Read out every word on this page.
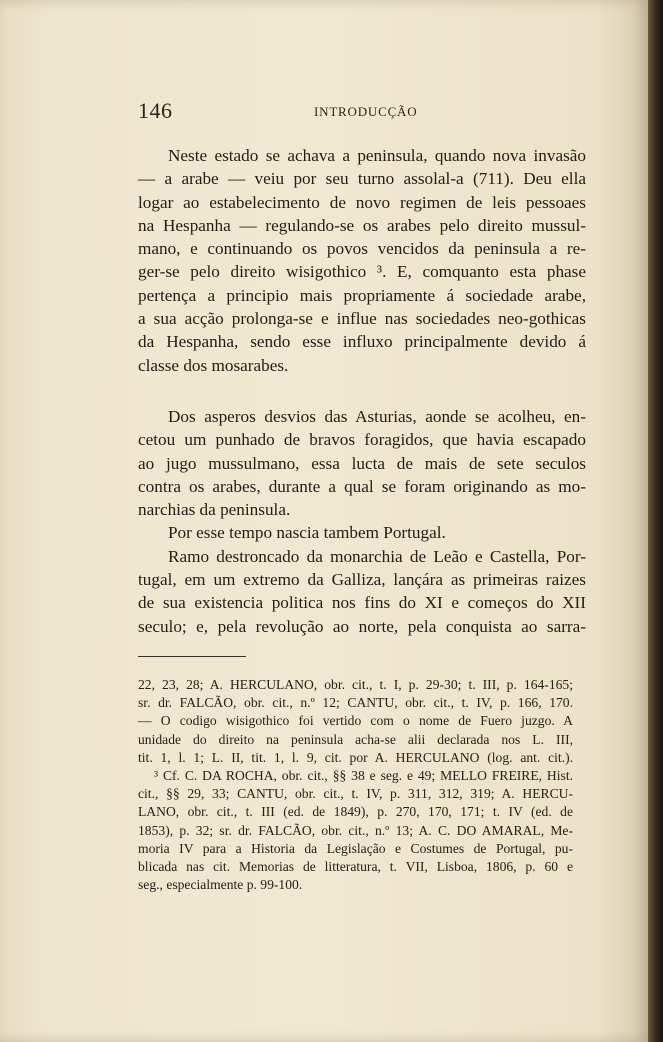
146	INTRODUCÇÃO
Neste estado se achava a peninsula, quando nova invasão
— a arabe — veiu por seu turno assolal-a (711). Deu ella
logar ao estabelecimento de novo regimen de leis pessoaes
na Hespanha — regulando-se os arabes pelo direito mussul-
mano, e continuando os povos vencidos da peninsula a re-
ger-se pelo direito wisigothico ³. E, comquanto esta phase
pertença a principio mais propriamente á sociedade arabe,
a sua acção prolonga-se e influe nas sociedades neo-gothicas
da Hespanha, sendo esse influxo principalmente devido á
classe dos mosarabes.
Dos asperos desvios das Asturias, aonde se acolheu, en-
cetou um punhado de bravos foragidos, que havia escapado
ao jugo mussulmano, essa lucta de mais de sete seculos
contra os arabes, durante a qual se foram originando as mo-
narchias da peninsula.
Por esse tempo nascia tambem Portugal.
Ramo destroncado da monarchia de Leão e Castella, Por-
tugal, em um extremo da Galliza, lançára as primeiras raizes
de sua existencia politica nos fins do XI e começos do XII
seculo; e, pela revolução ao norte, pela conquista ao sarra-
22, 23, 28; A. HERCULANO, obr. cit., t. I, p. 29-30; t. III, p. 164-165;
sr. dr. FALCÃO, obr. cit., n.º 12; CANTU, obr. cit., t. IV, p. 166, 170.
— O codigo wisigothico foi vertido com o nome de Fuero juzgo. A
unidade do direito na peninsula acha-se alii declarada nos L. III,
tit. 1, l. 1; L. II, tit. 1, l. 9, cit. por A. HERCULANO (log. ant. cit.).
³ Cf. C. DA ROCHA, obr. cit., §§ 38 e seg. e 49; MELLO FREIRE, Hist.
cit., §§ 29, 33; CANTU, obr. cit., t. IV, p. 311, 312, 319; A. HERCU-
LANO, obr. cit., t. III (ed. de 1849), p. 270, 170, 171; t. IV (ed. de
1853), p. 32; sr. dr. FALCÃO, obr. cit., n.º 13; A. C. DO AMARAL, Me-
moria IV para a Historia da Legislação e Costumes de Portugal, pu-
blicada nas cit. Memorias de litteratura, t. VII, Lisboa, 1806, p. 60 e
seg., especialmente p. 99-100.
